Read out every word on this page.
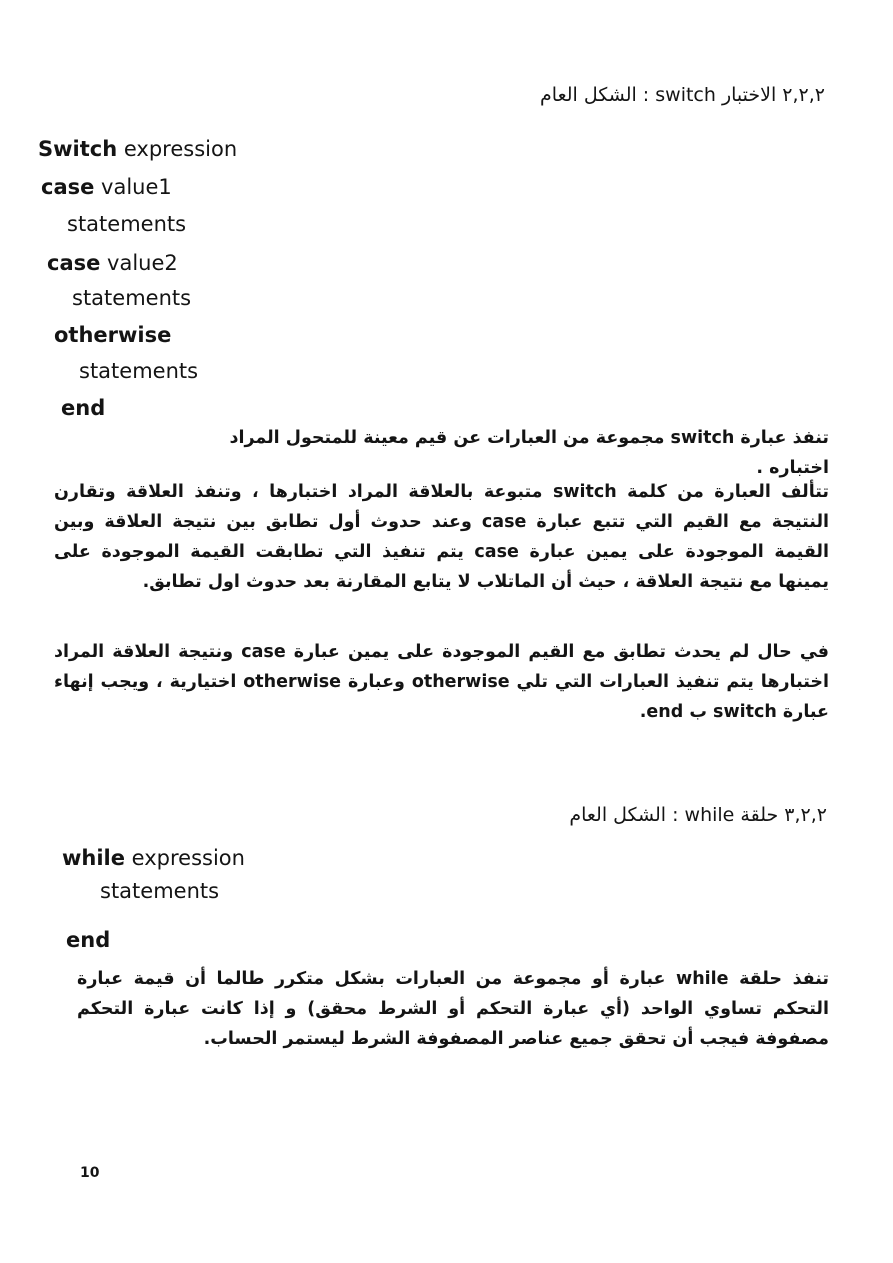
٢,٢,٢ الاختبار switch : الشكل العام
Switch expression
case value1
statements
case value2
statements
otherwise
statements
end
تنفذ عبارة switch مجموعة من العبارات عن قيم معينة للمتحول المراد اختباره .
تتألف العبارة من كلمة switch متبوعة بالعلاقة المراد اختبارها ، وتنفذ العلاقة وتقارن النتيجة مع القيم التي تتبع عبارة case وعند حدوث أول تطابق بين نتيجة العلاقة وبين القيمة الموجودة على يمين عبارة case يتم تنفيذ التي تطابقت القيمة الموجودة على يمينها مع نتيجة العلاقة ، حيث أن الماتلاب لا يتابع المقارنة بعد حدوث اول تطابق.
في حال لم يحدث تطابق مع القيم الموجودة على يمين عبارة case ونتيجة العلاقة المراد اختبارها يتم تنفيذ العبارات التي تلي otherwise وعبارة otherwise اختيارية ، ويجب إنهاء عبارة switch ب end.
٣,٢,٢ حلقة while : الشكل العام
while expression
statements
end
تنفذ حلقة while عبارة أو مجموعة من العبارات بشكل متكرر طالما أن قيمة عبارة التحكم تساوي الواحد (أي عبارة التحكم أو الشرط محقق) و إذا كانت عبارة التحكم مصفوفة فيجب أن تحقق جميع عناصر المصفوفة الشرط ليستمر الحساب.
10
